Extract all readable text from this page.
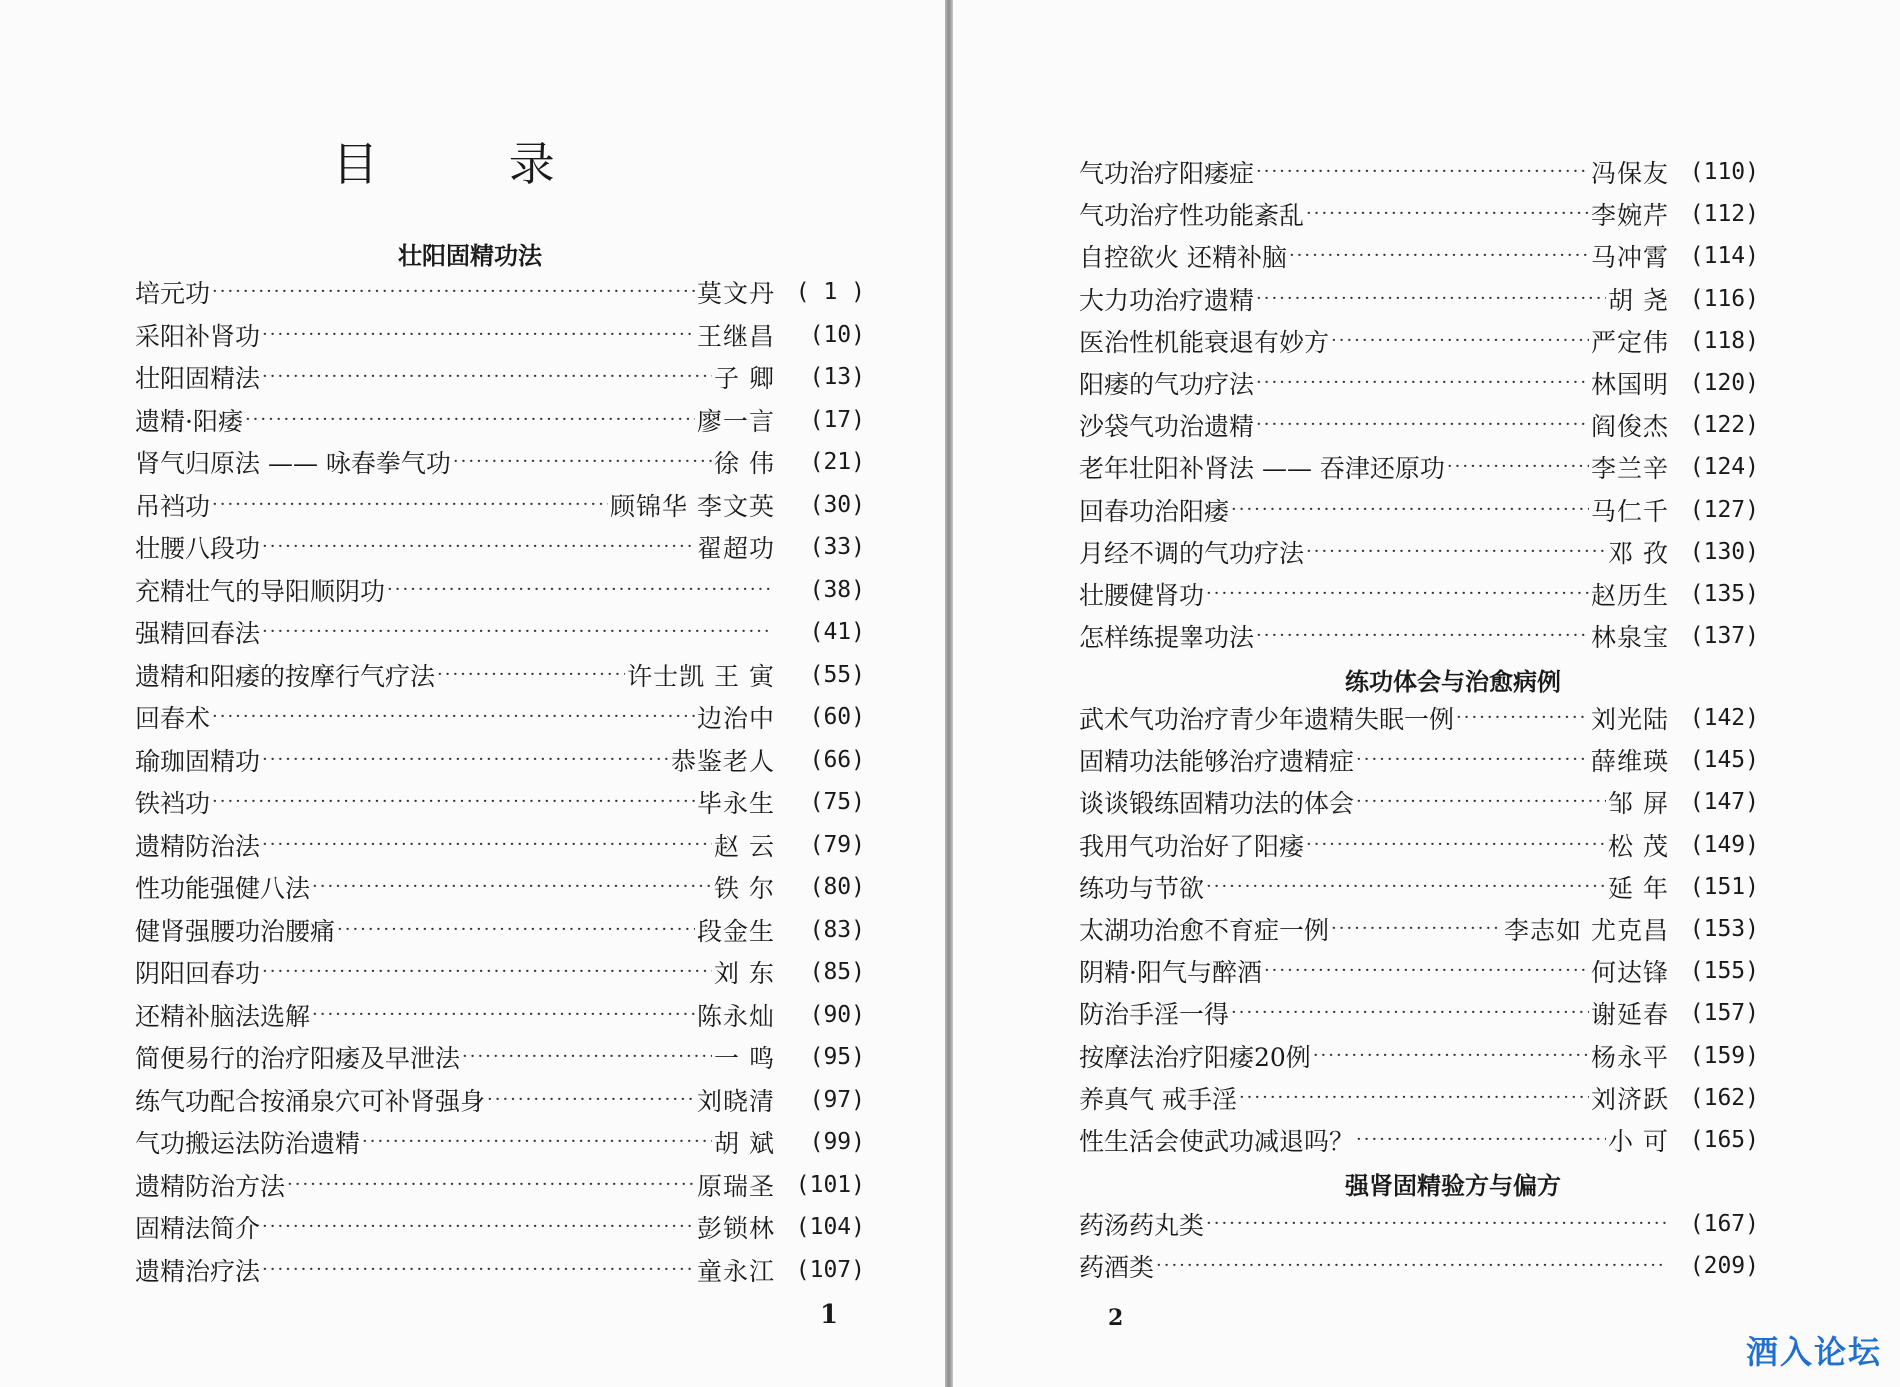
目 录
壮阳固精功法
培元功 ·····	莫文丹 ( 1 )
采阳补肾功 ·····	王继昌	(10)
壮阳固精法 ·····	子 卿	(13)
遗精·阳痿 ·····	廖一言	(17)
肾气归原法 —— 咏春拳气功 ·····	徐 伟	(21)
吊裆功 ·····	顾锦华 李文英	(30)
壮腰八段功 ·····	翟超功	(33)
充精壮气的导阳顺阴功 ·····	(38)
强精回春法 ·····	(41)
遗精和阳痿的按摩行气疗法 ·····	许士凯 王 寅	(55)
回春术 ·····	边治中	(60)
瑜珈固精功 ·····	恭鉴老人	(66)
铁裆功 ·····	毕永生	(75)
遗精防治法 ·····	赵 云	(79)
性功能强健八法 ·····	铁 尔	(80)
健肾强腰功治腰痛 ·····	段金生	(83)
阴阳回春功 ·····	刘 东	(85)
还精补脑法选解 ·····	陈永灿	(90)
简便易行的治疗阳痿及早泄法 ·····	一 鸣	(95)
练气功配合按涌泉穴可补肾强身 ·····	刘晓清	(97)
气功搬运法防治遗精 ·····	胡 斌	(99)
遗精防治方法 ·····	原瑞圣 (101)
固精法简介 ·····	彭锁林 (104)
遗精治疗法 ·····	童永江 (107)
1
气功治疗阳痿症 ·····	冯保友 (110)
气功治疗性功能紊乱 ·····	李婉芹 (112)
自控欲火 还精补脑 ·····	马冲霄 (114)
大力功治疗遗精 ·····	胡 尧 (116)
医治性机能衰退有妙方 ·····	严定伟 (118)
阳痿的气功疗法 ·····	林国明 (120)
沙袋气功治遗精 ·····	阎俊杰 (122)
老年壮阳补肾法 —— 吞津还原功 ·····	李兰辛 (124)
回春功治阳痿 ·····	马仁千 (127)
月经不调的气功疗法 ·····	邓 孜 (130)
壮腰健肾功 ·····	赵历生 (135)
怎样练提睾功法 ·····	林泉宝 (137)
练功体会与治愈病例
武术气功治疗青少年遗精失眠一例 ·····	刘光陆 (142)
固精功法能够治疗遗精症 ·····	薛维瑛 (145)
谈谈锻练固精功法的体会 ·····	邹 屏 (147)
我用气功治好了阳痿 ·····	松 茂 (149)
练功与节欲 ·····	延 年 (151)
太湖功治愈不育症一例 ·····	李志如 尤克昌 (153)
阴精·阳气与醉酒 ·····	何达锋 (155)
防治手淫一得 ·····	谢延春 (157)
按摩法治疗阳痿20例 ·····	杨永平 (159)
养真气 戒手淫 ·····	刘济跃 (162)
性生活会使武功减退吗？ ·····	小 可 (165)
强肾固精验方与偏方
药汤药丸类 ·····	(167)
药酒类 ·····	(209)
2
酒入论坛
